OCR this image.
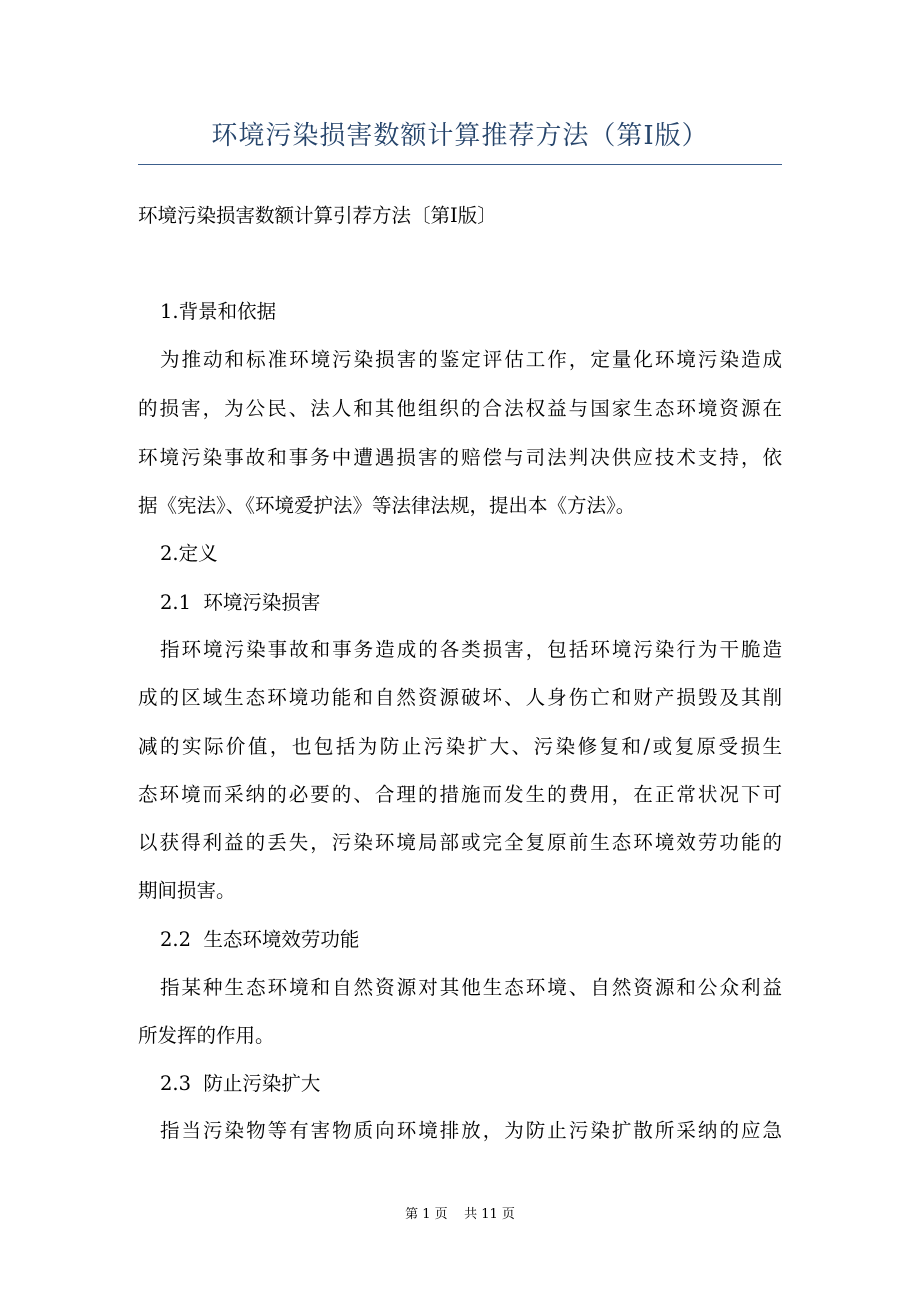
环境污染损害数额计算推荐方法（第Ⅰ版）
环境污染损害数额计算引荐方法〔第Ⅰ版〕
1.背景和依据
为推动和标准环境污染损害的鉴定评估工作，定量化环境污染造成
的损害，为公民、法人和其他组织的合法权益与国家生态环境资源在
环境污染事故和事务中遭遇损害的赔偿与司法判决供应技术支持，依
据《宪法》、《环境爱护法》等法律法规，提出本《方法》。
2.定义
2.1  环境污染损害
指环境污染事故和事务造成的各类损害，包括环境污染行为干脆造
成的区域生态环境功能和自然资源破坏、人身伤亡和财产损毁及其削
减的实际价值，也包括为防止污染扩大、污染修复和/或复原受损生
态环境而采纳的必要的、合理的措施而发生的费用，在正常状况下可
以获得利益的丢失，污染环境局部或完全复原前生态环境效劳功能的
期间损害。
2.2  生态环境效劳功能
指某种生态环境和自然资源对其他生态环境、自然资源和公众利益
所发挥的作用。
2.3  防止污染扩大
指当污染物等有害物质向环境排放，为防止污染扩散所采纳的应急
第 1 页    共 11 页
